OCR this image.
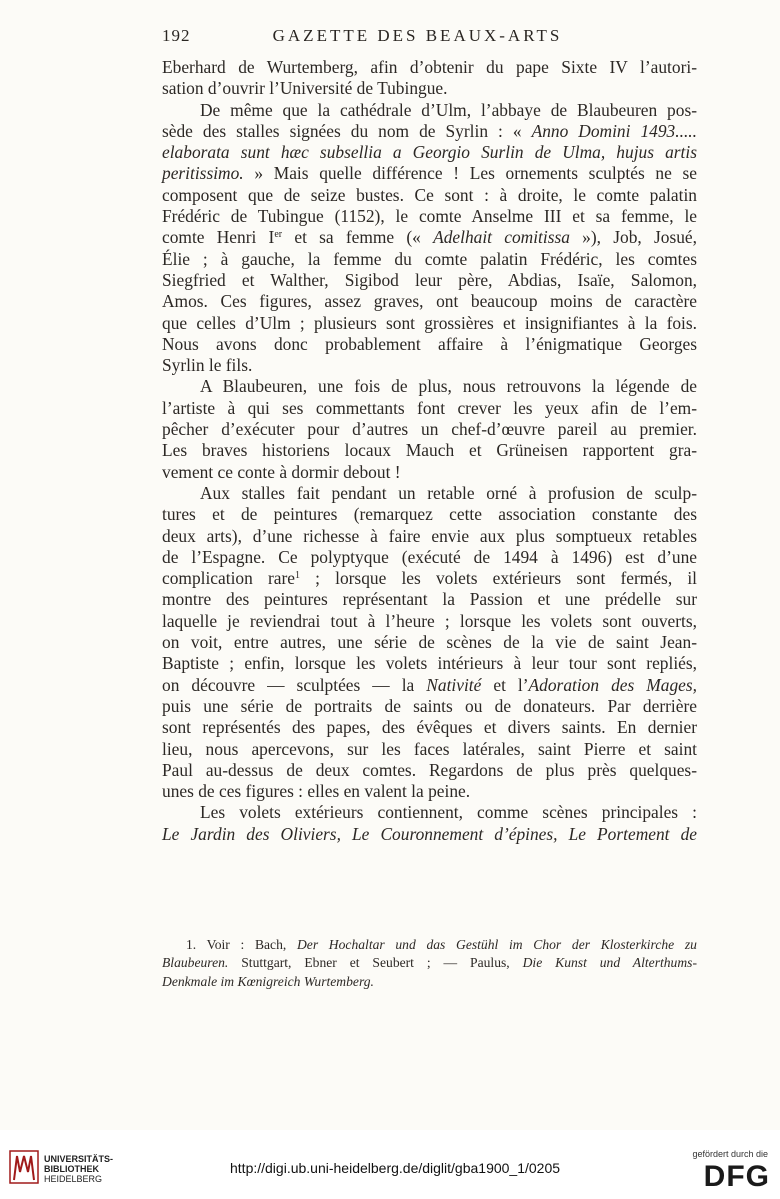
192	GAZETTE DES BEAUX-ARTS
Eberhard de Wurtemberg, afin d’obtenir du pape Sixte IV l’autori-
sation d’ouvrir l’Université de Tubingue.
De même que la cathédrale d’Ulm, l’abbaye de Blaubeuren pos-
sède des stalles signées du nom de Syrlin : « Anno Domini 1493.....
elaborata sunt hæc subsellia a Georgio Surlin de Ulma, hujus artis
peritissimo. » Mais quelle différence ! Les ornements sculptés ne se
composent que de seize bustes. Ce sont : à droite, le comte palatin
Frédéric de Tubingue (1152), le comte Anselme III et sa femme, le
comte Henri Ier et sa femme (« Adelhait comitissa »), Job, Josué,
Élie ; à gauche, la femme du comte palatin Frédéric, les comtes
Siegfried et Walther, Sigibod leur père, Abdias, Isaïe, Salomon,
Amos. Ces figures, assez graves, ont beaucoup moins de caractère
que celles d’Ulm ; plusieurs sont grossières et insignifiantes à la fois.
Nous avons donc probablement affaire à l’énigmatique Georges
Syrlin le fils.
A Blaubeuren, une fois de plus, nous retrouvons la légende de
l’artiste à qui ses commettants font crever les yeux afin de l’em-
pêcher d’exécuter pour d’autres un chef-d’œuvre pareil au premier.
Les braves historiens locaux Mauch et Grüneisen rapportent gra-
vement ce conte à dormir debout !
Aux stalles fait pendant un retable orné à profusion de sculp-
tures et de peintures (remarquez cette association constante des
deux arts), d’une richesse à faire envie aux plus somptueux retables
de l’Espagne. Ce polyptyque (exécuté de 1494 à 1496) est d’une
complication rare$^1$ ; lorsque les volets extérieurs sont fermés, il
montre des peintures représentant la Passion et une prédelle sur
laquelle je reviendrai tout à l’heure ; lorsque les volets sont ouverts,
on voit, entre autres, une série de scènes de la vie de saint Jean-
Baptiste ; enfin, lorsque les volets intérieurs à leur tour sont repliés,
on découvre — sculptées — la Nativité et l’Adoration des Mages,
puis une série de portraits de saints ou de donateurs. Par derrière
sont représentés des papes, des évêques et divers saints. En dernier
lieu, nous apercevons, sur les faces latérales, saint Pierre et saint
Paul au-dessus de deux comtes. Regardons de plus près quelques-
unes de ces figures : elles en valent la peine.
Les volets extérieurs contiennent, comme scènes principales :
Le Jardin des Oliviers, Le Couronnement d’épines, Le Portement de
1. Voir : Bach, Der Hochaltar und das Gestühl im Chor der Klosterkirche zu
Blaubeuren. Stuttgart, Ebner et Seubert ; — Paulus, Die Kunst und Alterthums-
Denkmale im Kœnigreich Wurtemberg.
UNIVERSITÄTS-
BIBLIOTHEK
HEIDELBERG
http://digi.ub.uni-heidelberg.de/diglit/gba1900_1/0205
gefördert durch die
DFG
